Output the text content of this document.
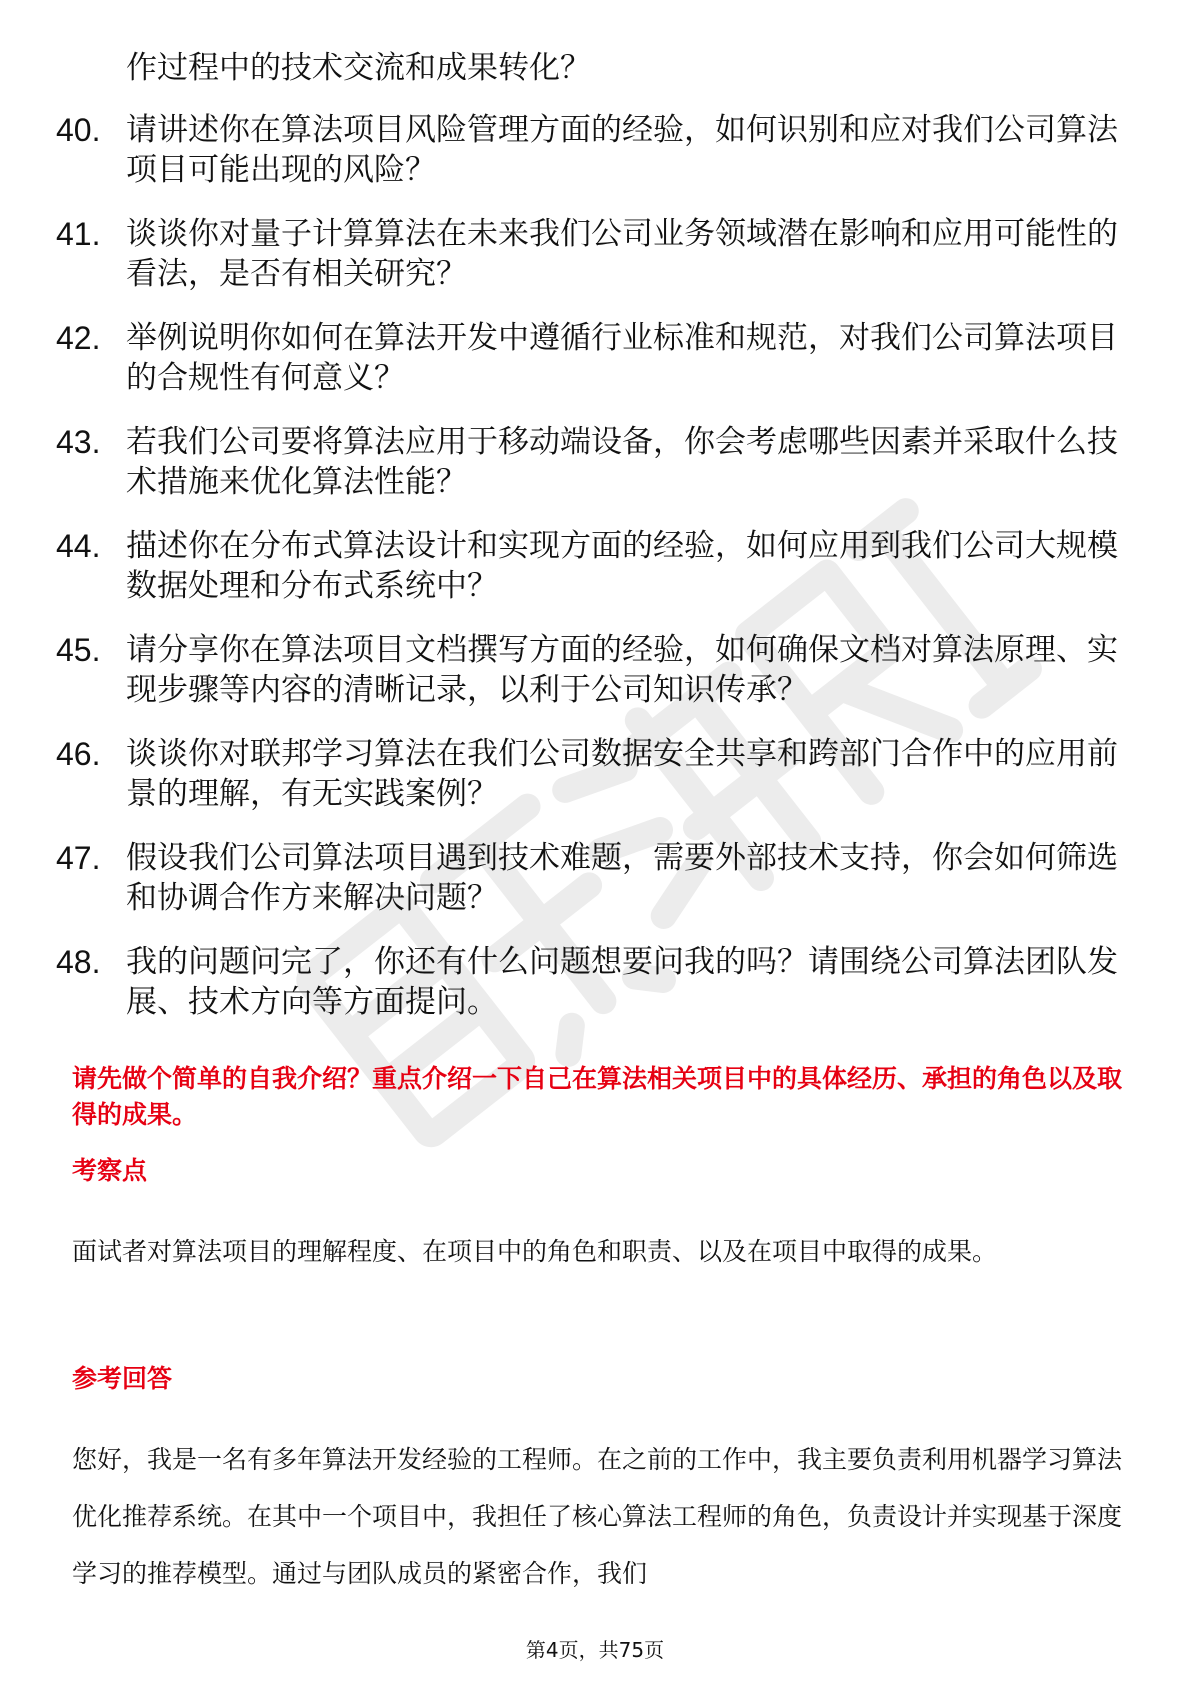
作过程中的技术交流和成果转化？
40. 请讲述你在算法项目风险管理方面的经验，如何识别和应对我们公司算法项目可能出现的风险？
41. 谈谈你对量子计算算法在未来我们公司业务领域潜在影响和应用可能性的看法，是否有相关研究？
42. 举例说明你如何在算法开发中遵循行业标准和规范，对我们公司算法项目的合规性有何意义？
43. 若我们公司要将算法应用于移动端设备，你会考虑哪些因素并采取什么技术措施来优化算法性能？
44. 描述你在分布式算法设计和实现方面的经验，如何应用到我们公司大规模数据处理和分布式系统中？
45. 请分享你在算法项目文档撰写方面的经验，如何确保文档对算法原理、实现步骤等内容的清晰记录，以利于公司知识传承？
46. 谈谈你对联邦学习算法在我们公司数据安全共享和跨部门合作中的应用前景的理解，有无实践案例？
47. 假设我们公司算法项目遇到技术难题，需要外部技术支持，你会如何筛选和协调合作方来解决问题？
48. 我的问题问完了，你还有什么问题想要问我的吗？请围绕公司算法团队发展、技术方向等方面提问。
请先做个简单的自我介绍？重点介绍一下自己在算法相关项目中的具体经历、承担的角色以及取得的成果。
考察点
面试者对算法项目的理解程度、在项目中的角色和职责、以及在项目中取得的成果。
参考回答
您好，我是一名有多年算法开发经验的工程师。在之前的工作中，我主要负责利用机器学习算法优化推荐系统。在其中一个项目中，我担任了核心算法工程师的角色，负责设计并实现基于深度学习的推荐模型。通过与团队成员的紧密合作，我们
第4页，共75页
